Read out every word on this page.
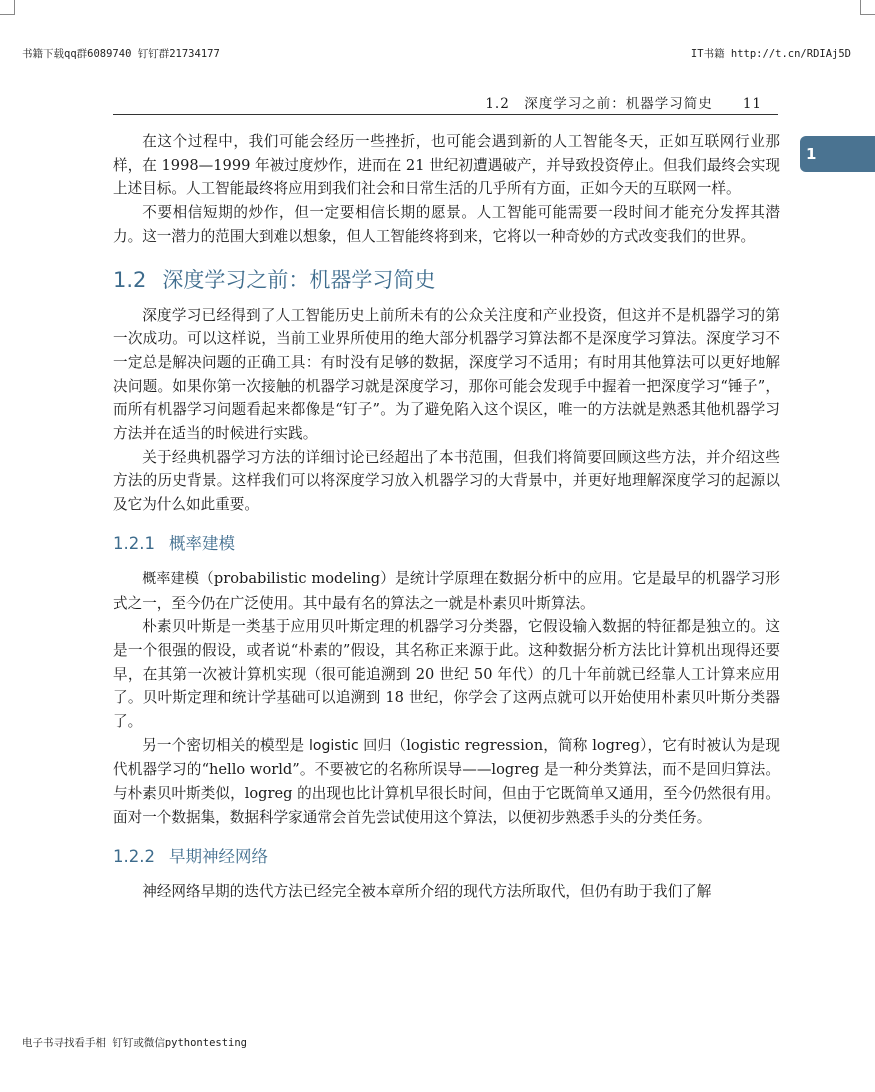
书籍下载qq群6089740 钉钉群21734177	IT书籍 http://t.cn/RDIAj5D
1.2　深度学习之前：机器学习简史 11
1

在这个过程中，我们可能会经历一些挫折，也可能会遇到新的人工智能冬天，正如互联网行业那样，在 1998—1999 年被过度炒作，进而在 21 世纪初遭遇破产，并导致投资停止。但我们最终会实现上述目标。人工智能最终将应用到我们社会和日常生活的几乎所有方面，正如今天的互联网一样。

不要相信短期的炒作，但一定要相信长期的愿景。人工智能可能需要一段时间才能充分发挥其潜力。这一潜力的范围大到难以想象，但人工智能终将到来，它将以一种奇妙的方式改变我们的世界。

1.2 深度学习之前：机器学习简史

深度学习已经得到了人工智能历史上前所未有的公众关注度和产业投资，但这并不是机器学习的第一次成功。可以这样说，当前工业界所使用的绝大部分机器学习算法都不是深度学习算法。深度学习不一定总是解决问题的正确工具：有时没有足够的数据，深度学习不适用；有时用其他算法可以更好地解决问题。如果你第一次接触的机器学习就是深度学习，那你可能会发现手中握着一把深度学习“锤子”，而所有机器学习问题看起来都像是“钉子”。为了避免陷入这个误区，唯一的方法就是熟悉其他机器学习方法并在适当的时候进行实践。

关于经典机器学习方法的详细讨论已经超出了本书范围，但我们将简要回顾这些方法，并介绍这些方法的历史背景。这样我们可以将深度学习放入机器学习的大背景中，并更好地理解深度学习的起源以及它为什么如此重要。

1.2.1 概率建模

概率建模（probabilistic modeling）是统计学原理在数据分析中的应用。它是最早的机器学习形式之一，至今仍在广泛使用。其中最有名的算法之一就是朴素贝叶斯算法。

朴素贝叶斯是一类基于应用贝叶斯定理的机器学习分类器，它假设输入数据的特征都是独立的。这是一个很强的假设，或者说“朴素的”假设，其名称正来源于此。这种数据分析方法比计算机出现得还要早，在其第一次被计算机实现（很可能追溯到 20 世纪 50 年代）的几十年前就已经靠人工计算来应用了。贝叶斯定理和统计学基础可以追溯到 18 世纪，你学会了这两点就可以开始使用朴素贝叶斯分类器了。

另一个密切相关的模型是 logistic 回归（logistic regression，简称 logreg），它有时被认为是现代机器学习的“hello world”。不要被它的名称所误导——logreg 是一种分类算法，而不是回归算法。与朴素贝叶斯类似，logreg 的出现也比计算机早很长时间，但由于它既简单又通用，至今仍然很有用。面对一个数据集，数据科学家通常会首先尝试使用这个算法，以便初步熟悉手头的分类任务。

1.2.2 早期神经网络

神经网络早期的迭代方法已经完全被本章所介绍的现代方法所取代，但仍有助于我们了解

电子书寻找看手相 钉钉或微信pythontesting
